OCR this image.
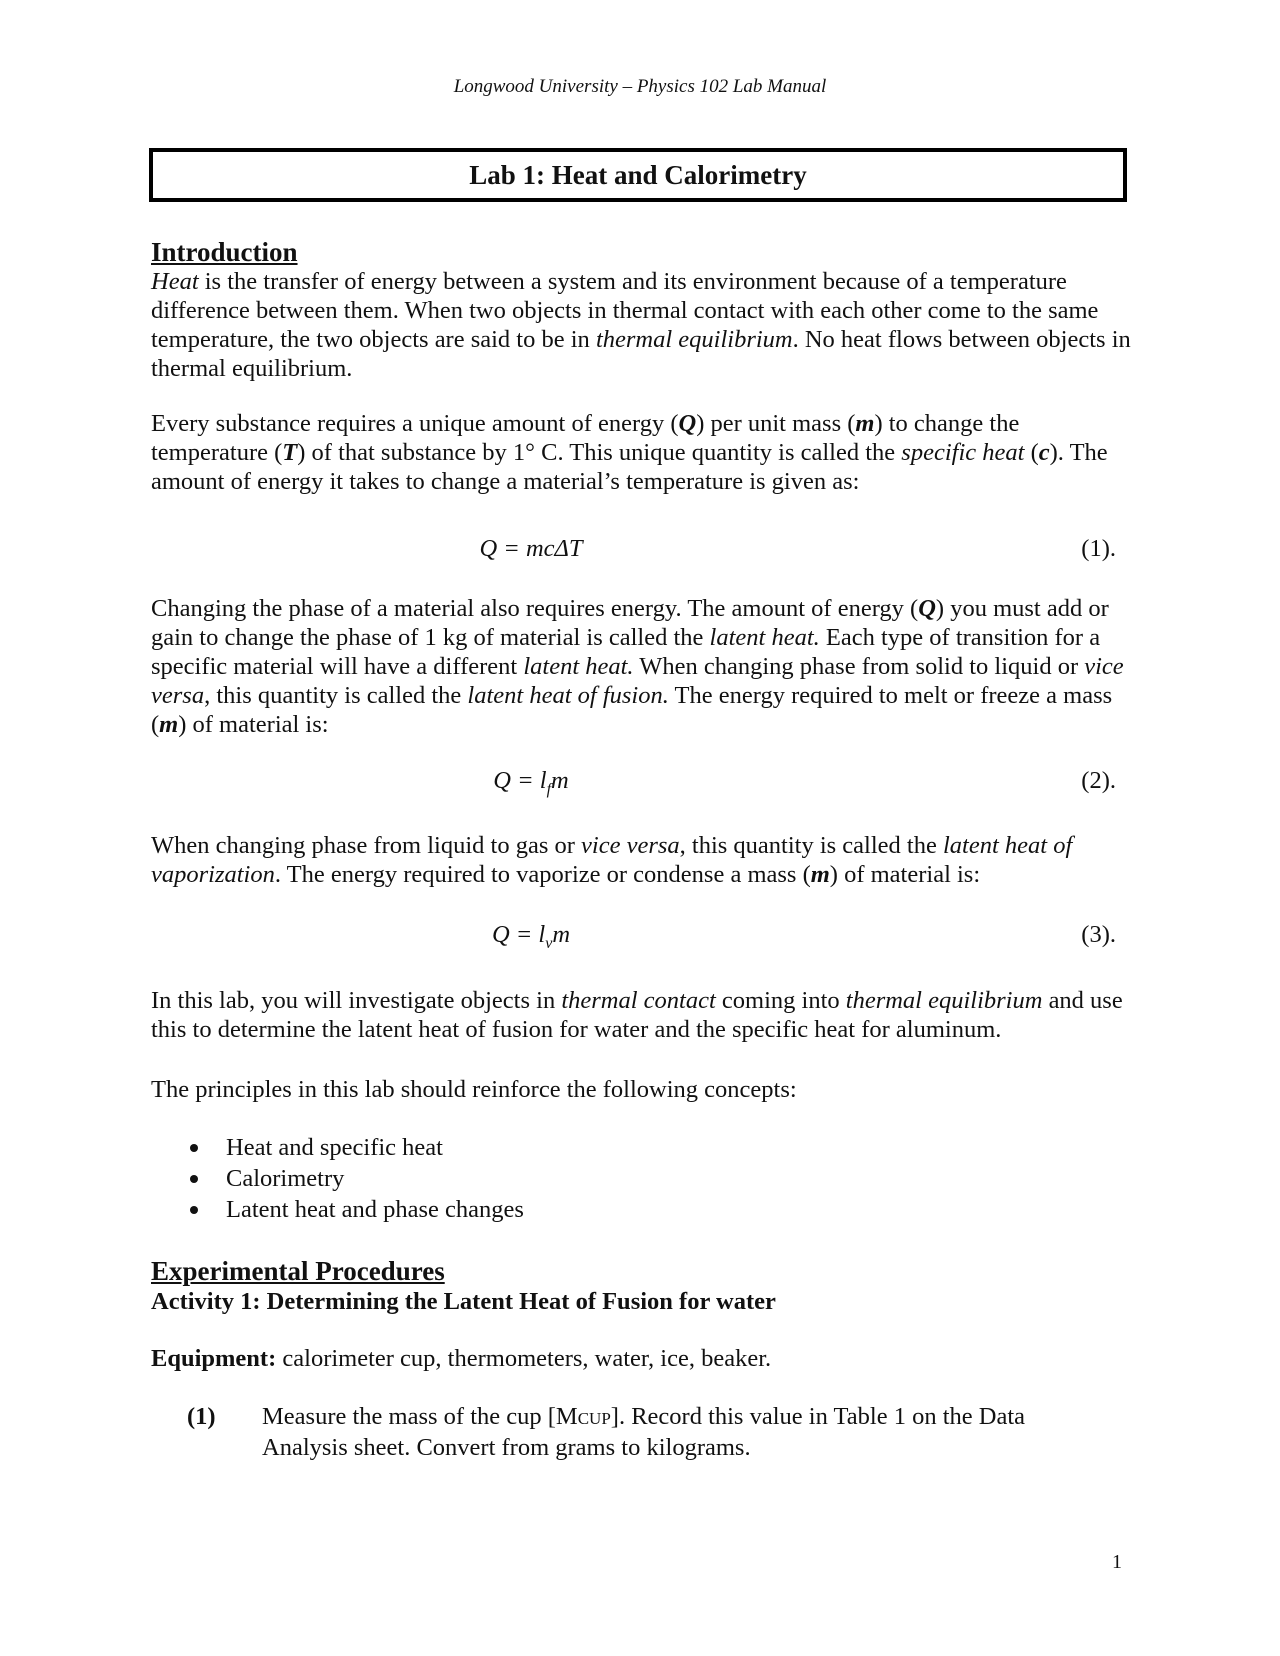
Longwood University – Physics 102 Lab Manual
Lab 1: Heat and Calorimetry
Introduction

Heat is the transfer of energy between a system and its environment because of a temperature difference between them. When two objects in thermal contact with each other come to the same temperature, the two objects are said to be in thermal equilibrium. No heat flows between objects in thermal equilibrium.

Every substance requires a unique amount of energy (Q) per unit mass (m) to change the temperature (T) of that substance by 1° C. This unique quantity is called the specific heat (c). The amount of energy it takes to change a material’s temperature is given as:

Q = mcΔT	(1).

Changing the phase of a material also requires energy. The amount of energy (Q) you must add or gain to change the phase of 1 kg of material is called the latent heat. Each type of transition for a specific material will have a different latent heat. When changing phase from solid to liquid or vice versa, this quantity is called the latent heat of fusion. The energy required to melt or freeze a mass (m) of material is:

$Q = l_fm$	(2).

When changing phase from liquid to gas or vice versa, this quantity is called the latent heat of vaporization. The energy required to vaporize or condense a mass (m) of material is:

$Q = l_vm$	(3).

In this lab, you will investigate objects in thermal contact coming into thermal equilibrium and use this to determine the latent heat of fusion for water and the specific heat for aluminum.

The principles in this lab should reinforce the following concepts:

Heat and specific heat
Calorimetry
Latent heat and phase changes
Experimental Procedures
Activity 1: Determining the Latent Heat of Fusion for water
Equipment: calorimeter cup, thermometers, water, ice, beaker.
(1) Measure the mass of the cup [MCUP]. Record this value in Table 1 on the Data Analysis sheet. Convert from grams to kilograms.
1
